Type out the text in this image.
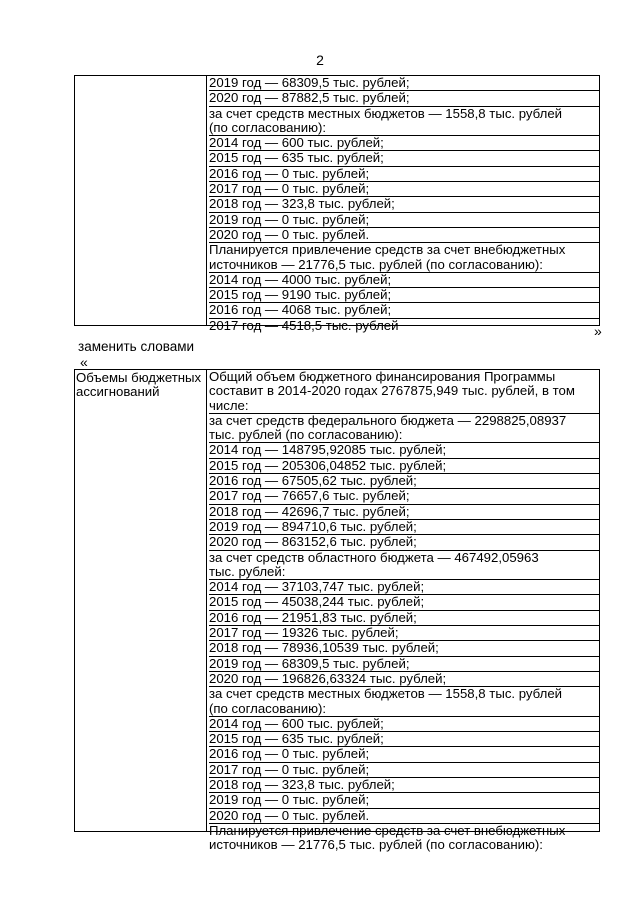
2
2019 год — 68309,5 тыс. рублей;
2020 год — 87882,5 тыс. рублей;
за счет средств местных бюджетов — 1558,8 тыс. рублей
(по согласованию):
2014 год — 600 тыс. рублей;
2015 год — 635 тыс. рублей;
2016 год — 0 тыс. рублей;
2017 год — 0 тыс. рублей;
2018 год — 323,8 тыс. рублей;
2019 год — 0 тыс. рублей;
2020 год — 0 тыс. рублей.
Планируется привлечение средств за счет внебюджетных
источников — 21776,5 тыс. рублей (по согласованию):
2014 год — 4000 тыс. рублей;
2015 год — 9190 тыс. рублей;
2016 год — 4068 тыс. рублей;
2017 год — 4518,5 тыс. рублей	»
заменить словами
«
Объемы бюджетных
ассигнований
Общий объем бюджетного финансирования Программы
составит в 2014-2020 годах 2767875,949 тыс. рублей, в том
числе:
за счет средств федерального бюджета — 2298825,08937
тыс. рублей (по согласованию):
2014 год — 148795,92085 тыс. рублей;
2015 год — 205306,04852 тыс. рублей;
2016 год — 67505,62 тыс. рублей;
2017 год — 76657,6 тыс. рублей;
2018 год — 42696,7 тыс. рублей;
2019 год — 894710,6 тыс. рублей;
2020 год — 863152,6 тыс. рублей;
за счет средств областного бюджета — 467492,05963
тыс. рублей:
2014 год — 37103,747 тыс. рублей;
2015 год — 45038,244 тыс. рублей;
2016 год — 21951,83 тыс. рублей;
2017 год — 19326 тыс. рублей;
2018 год — 78936,10539 тыс. рублей;
2019 год — 68309,5 тыс. рублей;
2020 год — 196826,63324 тыс. рублей;
за счет средств местных бюджетов — 1558,8 тыс. рублей
(по согласованию):
2014 год — 600 тыс. рублей;
2015 год — 635 тыс. рублей;
2016 год — 0 тыс. рублей;
2017 год — 0 тыс. рублей;
2018 год — 323,8 тыс. рублей;
2019 год — 0 тыс. рублей;
2020 год — 0 тыс. рублей.
Планируется привлечение средств за счет внебюджетных
источников — 21776,5 тыс. рублей (по согласованию):
